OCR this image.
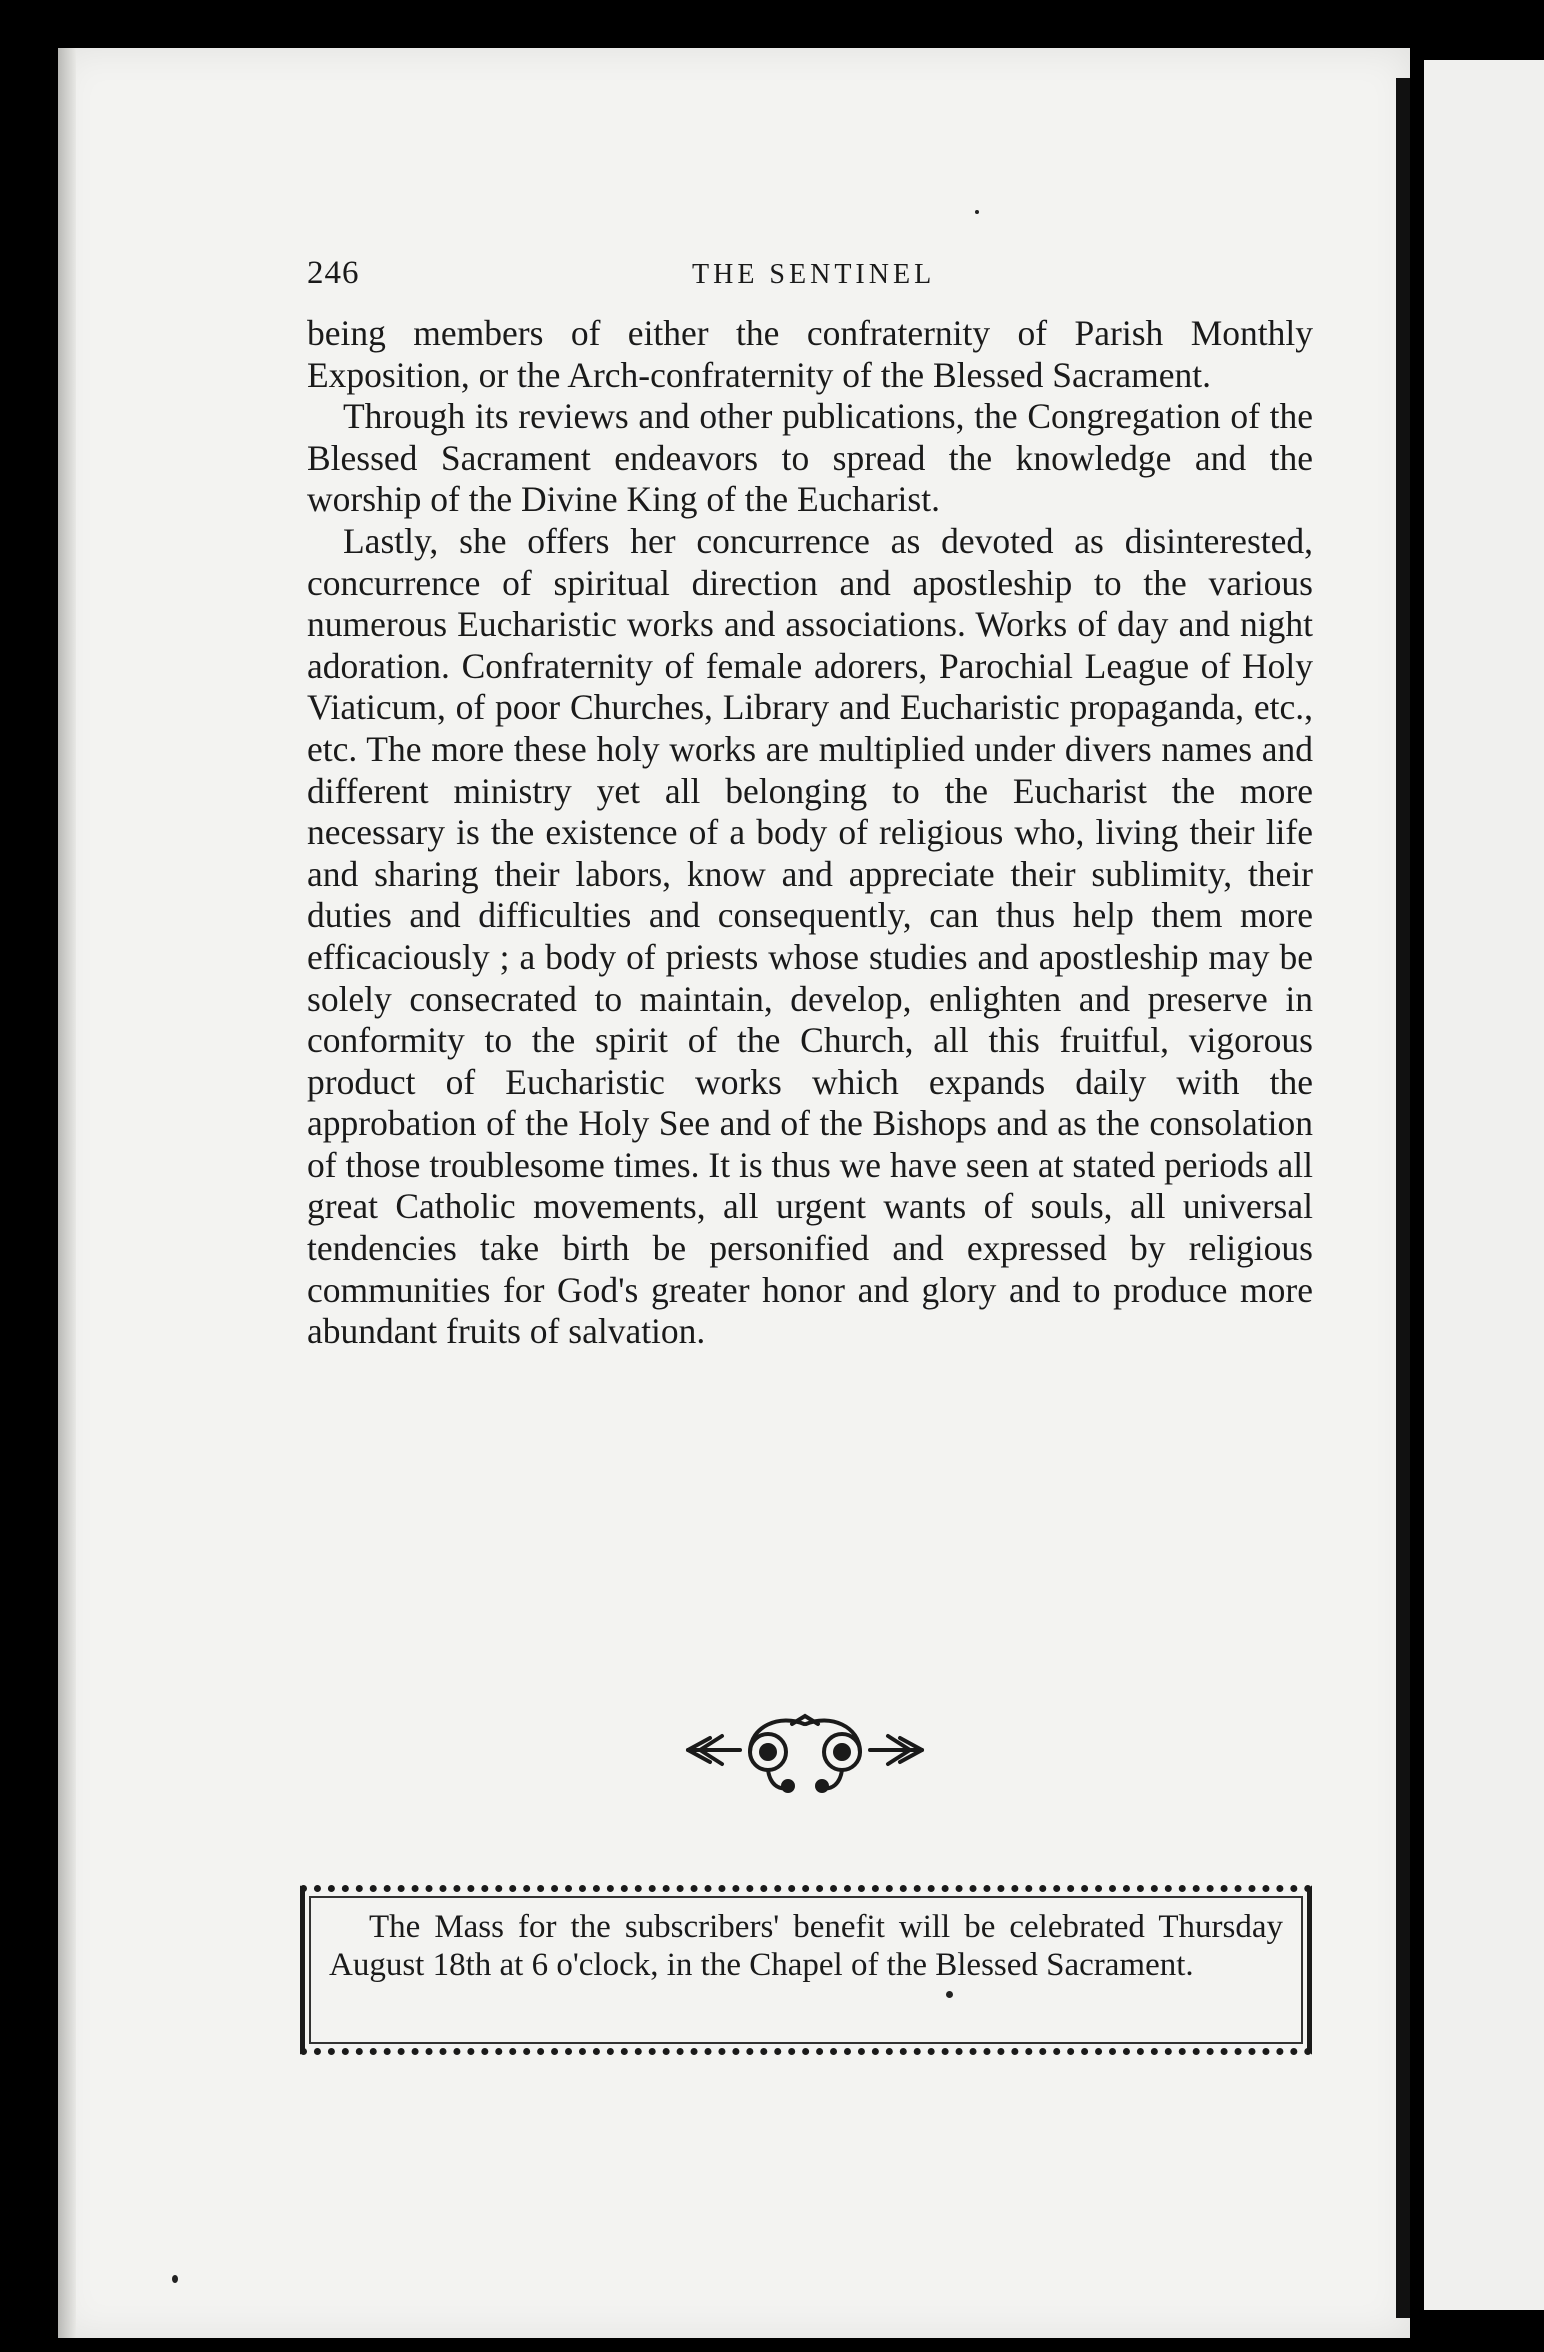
246	THE SENTINEL

being members of either the confraternity of Parish Monthly Exposition, or the Arch-confraternity of the Blessed Sacrament.

Through its reviews and other publications, the Congregation of the Blessed Sacrament endeavors to spread the knowledge and the worship of the Divine King of the Eucharist.

Lastly, she offers her concurrence as devoted as disinterested, concurrence of spiritual direction and apostleship to the various numerous Eucharistic works and associations. Works of day and night adoration. Confraternity of female adorers, Parochial League of Holy Viaticum, of poor Churches, Library and Eucharistic propaganda, etc., etc. The more these holy works are multiplied under divers names and different ministry yet all belonging to the Eucharist the more necessary is the existence of a body of religious who, living their life and sharing their labors, know and appreciate their sublimity, their duties and difficulties and consequently, can thus help them more efficaciously ; a body of priests whose studies and apostleship may be solely consecrated to maintain, develop, enlighten and preserve in conformity to the spirit of the Church, all this fruitful, vigorous product of Eucharistic works which expands daily with the approbation of the Holy See and of the Bishops and as the consolation of those troublesome times. It is thus we have seen at stated periods all great Catholic movements, all urgent wants of souls, all universal tendencies take birth be personified and expressed by religious communities for God's greater honor and glory and to produce more abundant fruits of salvation.

The Mass for the subscribers' benefit will be celebrated Thursday August 18th at 6 o'clock, in the Chapel of the Blessed Sacrament.
